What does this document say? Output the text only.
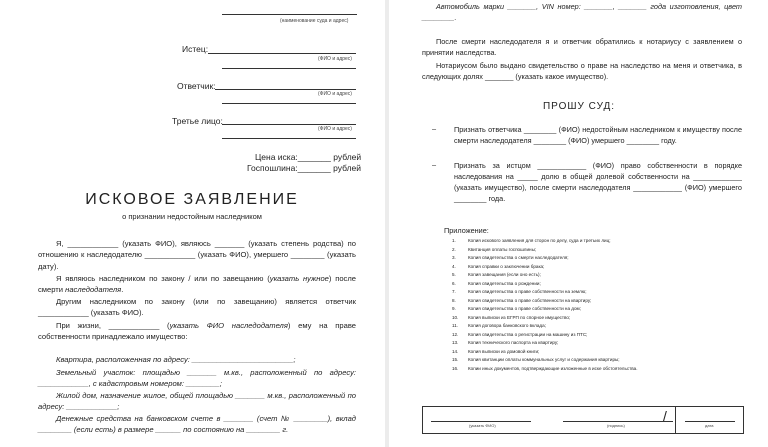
(наименование суда и адрес)
Истец:
(ФИО и адрес)
Ответчик:
(ФИО и адрес)
Третье лицо:
(ФИО и адрес)
Цена иска:_______ рублей
Госпошлина:_______ рублей
ИСКОВОЕ ЗАЯВЛЕНИЕ
о признании недостойным наследником
Я, ____________ (указать ФИО), являюсь _______ (указать степень родства) по отношению к наследодателю ____________ (указать ФИО), умершего ________ (указать дату).
Я являюсь наследником по закону / или по завещанию (указать нужное) после смерти наследодателя.
Другим наследником по закону (или по завещанию) является ответчик ____________ (указать ФИО).
При жизни, ____________ (указать ФИО наследодателя) ему на праве собственности принадлежало имущество:
Квартира, расположенная по адресу: ________________________;
Земельный участок: площадью _______ м.кв., расположенный по адресу: ____________, с кадастровым номером: ________;
Жилой дом, назначение жилое, общей площадью _______ м.кв., расположенный по адресу: ____________;
Денежные средства на банковском счете в _______ (счет № ________), вклад ________ (если есть) в размере ______ по состоянию на ________ г.
Автомобиль марки _______, VIN номер: _______, _______ года изготовления, цвет ________.
После смерти наследодателя я и ответчик обратились к нотариусу с заявлением о принятии наследства.
Нотариусом было выдано свидетельство о праве на наследство на меня и ответчика, в следующих долях _______ (указать какое имущество).
ПРОШУ СУД:
– Признать ответчика ________ (ФИО) недостойным наследником к имуществу после смерти наследодателя ________ (ФИО) умершего ________ году.
– Признать за истцом ____________ (ФИО) право собственности в порядке наследования на _____ долю в общей долевой собственности на ____________ (указать имущество), после смерти наследодателя ____________ (ФИО) умершего ________ года.
Приложение:
1.	Копия искового заявления для сторон по делу, суда и третьих лиц;
2.	Квитанция оплаты госпошлины;
3.	Копия свидетельства о смерти наследодателя;
4.	Копия справки о заключении брака;
5.	Копия завещания (если оно есть);
6.	Копия свидетельства о рождении;
7.	Копия свидетельства о праве собственности на землю;
8.	Копия свидетельства о праве собственности на квартиру;
9.	Копия свидетельства о праве собственности на дом;
10.	Копия выписки из ЕГРП по спорное имущество;
11.	Копия договора банковского вклада;
12.	Копия свидетельства о регистрации на машину из ПТС;
13.	Копия технического паспорта на квартиру;
14.	Копия выписки из домовой книги;
15.	Копия квитанции оплаты коммунальных услуг и содержания квартиры;
16.	Копии иных документов, подтверждающие изложенные в иске обстоятельства.
(указать ФИО)	(подпись)
/
дата
